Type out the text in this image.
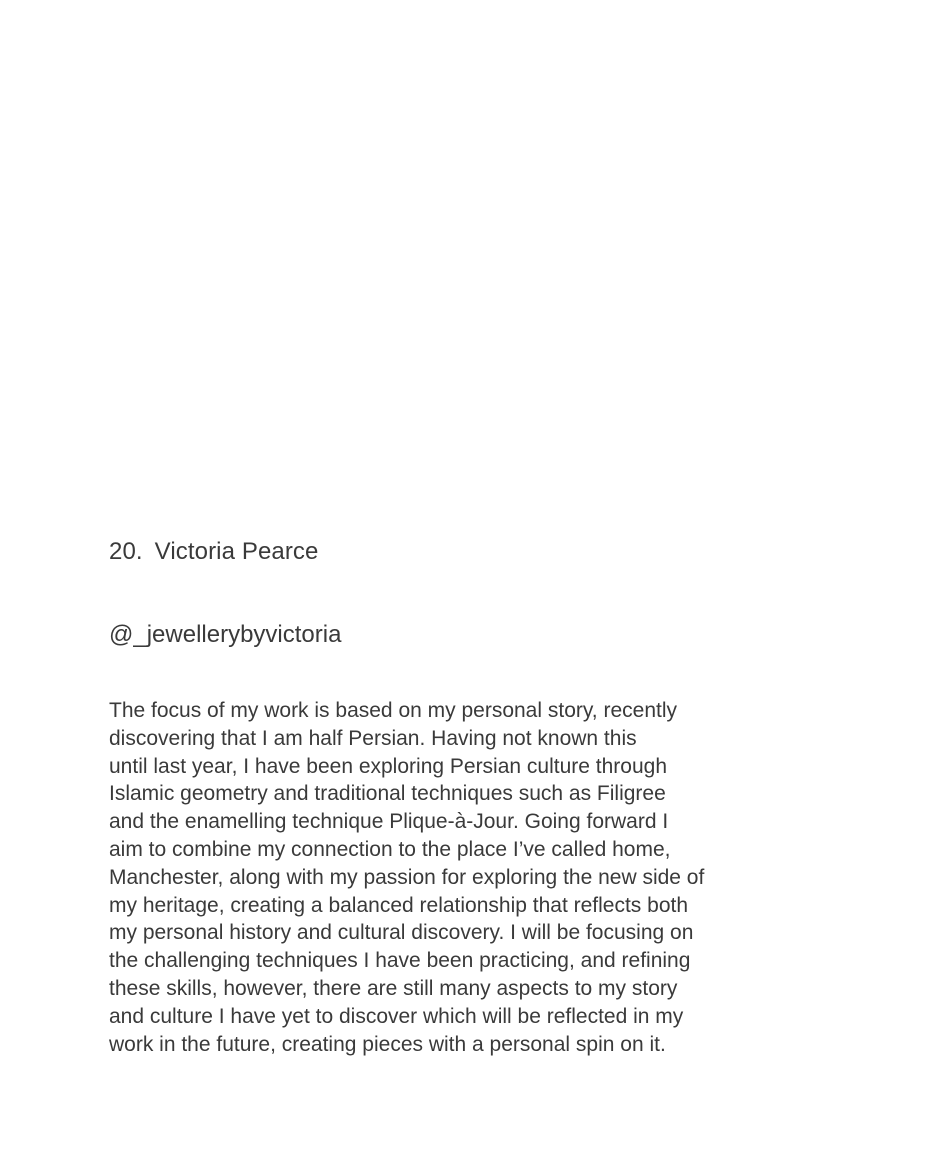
20. Victoria Pearce

@_jewellerybyvictoria

The focus of my work is based on my personal story, recently
discovering that I am half Persian. Having not known this
until last year, I have been exploring Persian culture through
Islamic geometry and traditional techniques such as Filigree
and the enamelling technique Plique-à-Jour. Going forward I
aim to combine my connection to the place I’ve called home,
Manchester, along with my passion for exploring the new side of
my heritage, creating a balanced relationship that reflects both
my personal history and cultural discovery. I will be focusing on
the challenging techniques I have been practicing, and refining
these skills, however, there are still many aspects to my story
and culture I have yet to discover which will be reflected in my
work in the future, creating pieces with a personal spin on it.
